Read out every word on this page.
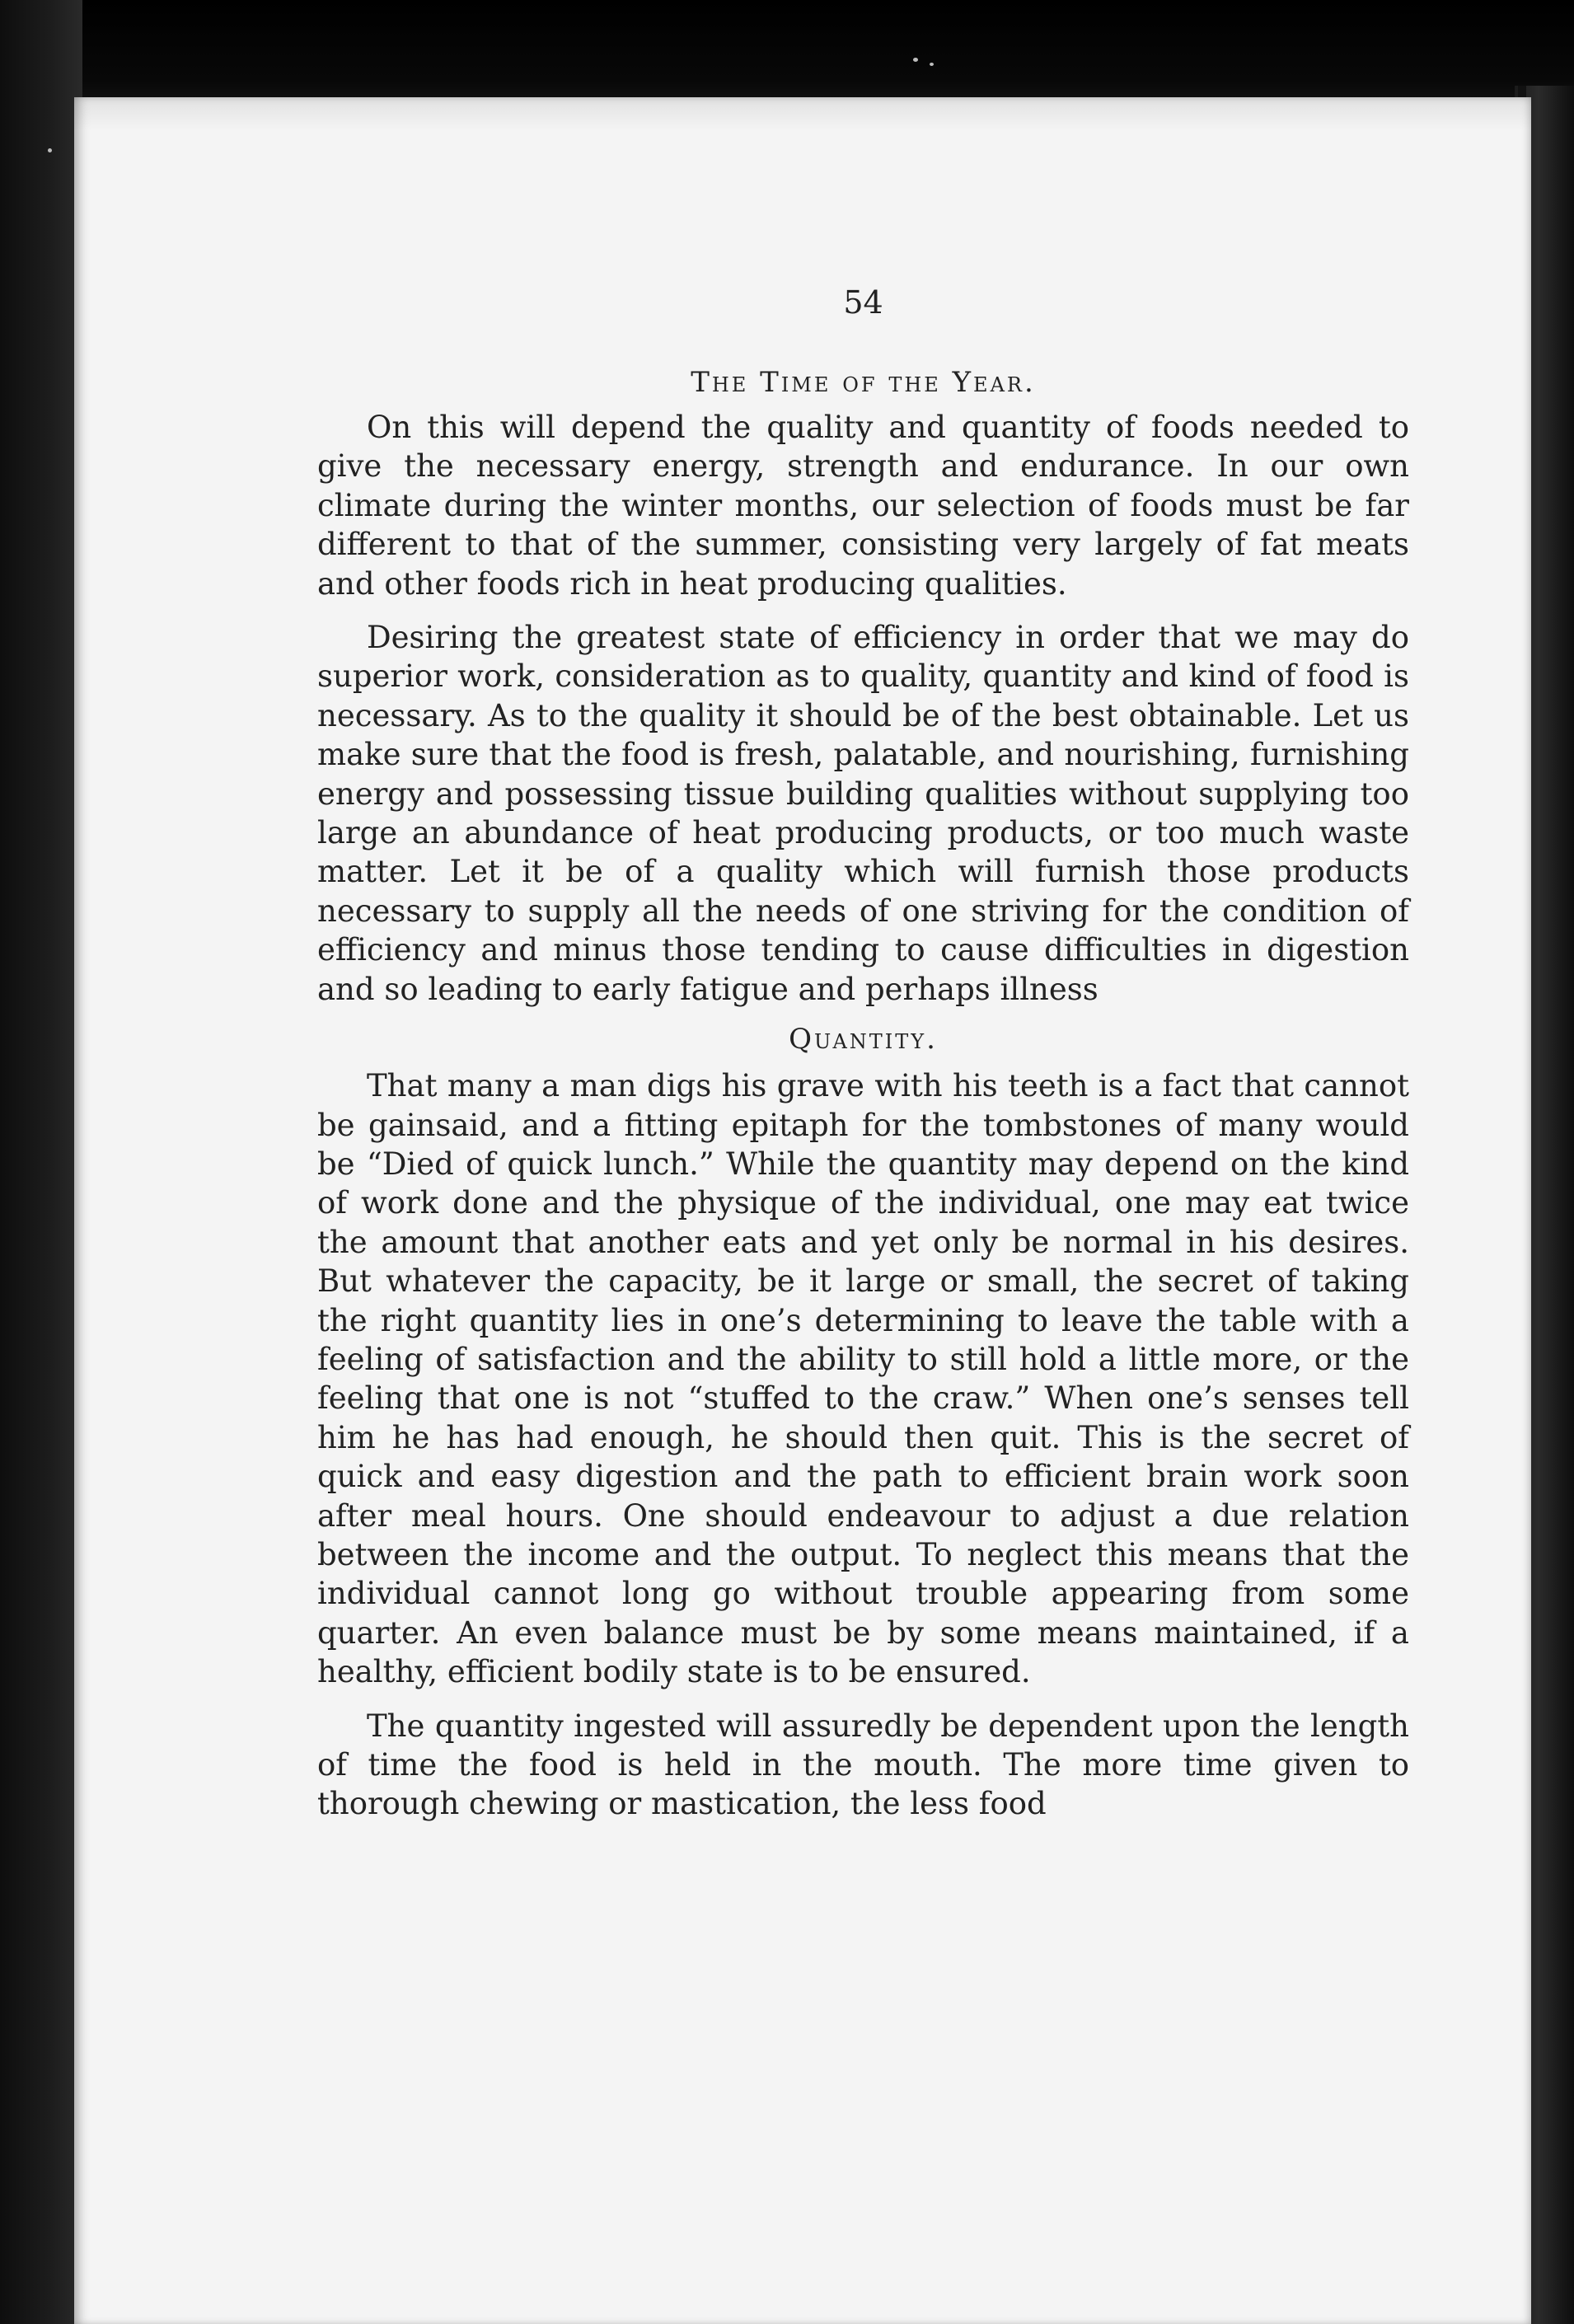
54
The Time of the Year.

On this will depend the quality and quantity of foods needed to give the necessary energy, strength and endurance. In our own climate during the winter months, our selection of foods must be far different to that of the summer, consisting very largely of fat meats and other foods rich in heat producing qualities.

Desiring the greatest state of efficiency in order that we may do superior work, consideration as to quality, quantity and kind of food is necessary. As to the quality it should be of the best obtainable. Let us make sure that the food is fresh, palatable, and nourishing, furnishing energy and possessing tissue building qualities without supplying too large an abundance of heat producing products, or too much waste matter. Let it be of a quality which will furnish those products necessary to supply all the needs of one striving for the condition of efficiency and minus those tending to cause difficulties in digestion and so leading to early fatigue and perhaps illness

Quantity.

That many a man digs his grave with his teeth is a fact that cannot be gainsaid, and a fitting epitaph for the tombstones of many would be “Died of quick lunch.” While the quantity may depend on the kind of work done and the physique of the individual, one may eat twice the amount that another eats and yet only be normal in his desires. But whatever the capacity, be it large or small, the secret of taking the right quantity lies in one’s determining to leave the table with a feeling of satisfaction and the ability to still hold a little more, or the feeling that one is not “stuffed to the craw.” When one’s senses tell him he has had enough, he should then quit. This is the secret of quick and easy digestion and the path to efficient brain work soon after meal hours. One should endeavour to adjust a due relation between the income and the output. To neglect this means that the individual cannot long go without trouble appearing from some quarter. An even balance must be by some means maintained, if a healthy, efficient bodily state is to be ensured.

The quantity ingested will assuredly be dependent upon the length of time the food is held in the mouth. The more time given to thorough chewing or mastication, the less food
